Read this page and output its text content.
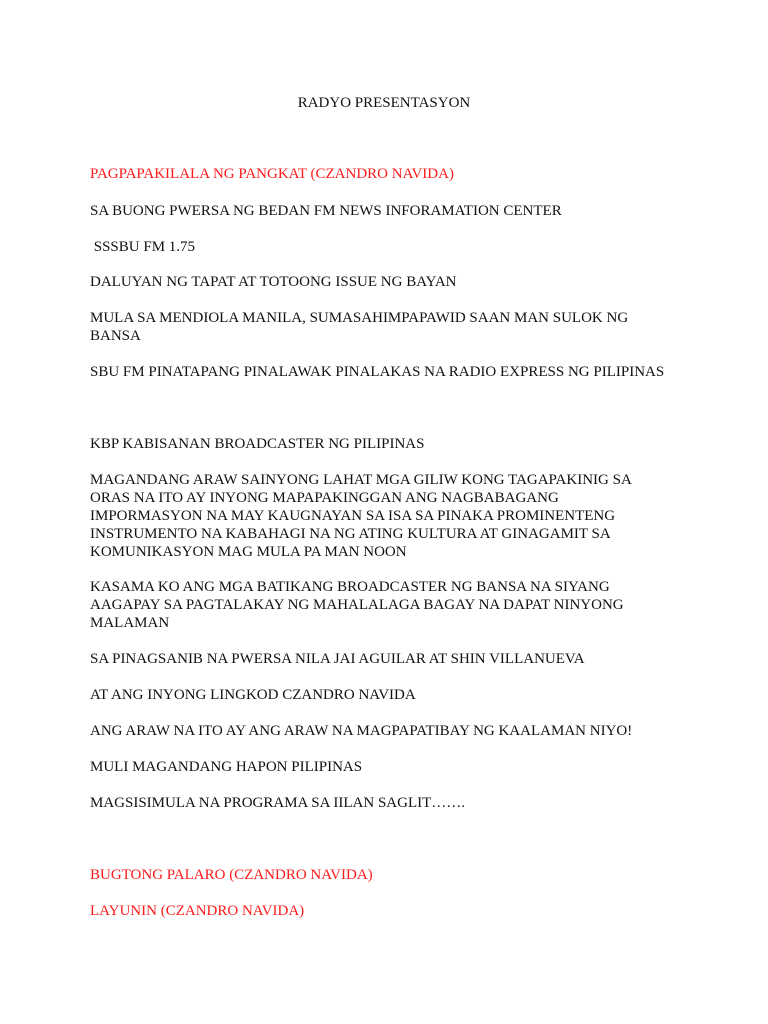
RADYO PRESENTASYON
PAGPAPAKILALA NG PANGKAT (CZANDRO NAVIDA)
SA BUONG PWERSA NG BEDAN FM NEWS INFORAMATION CENTER
SSSBU FM 1.75
DALUYAN NG TAPAT AT TOTOONG ISSUE NG BAYAN
MULA SA MENDIOLA MANILA, SUMASAHIMPAPAWID SAAN MAN SULOK NG BANSA
SBU FM PINATAPANG PINALAWAK PINALAKAS NA RADIO EXPRESS NG PILIPINAS
KBP KABISANAN BROADCASTER NG PILIPINAS
MAGANDANG ARAW SAINYONG LAHAT MGA GILIW KONG TAGAPAKINIG SA ORAS NA ITO AY INYONG MAPAPAKINGGAN ANG NAGBABAGANG IMPORMASYON NA MAY KAUGNAYAN SA ISA SA PINAKA PROMINENTENG INSTRUMENTO NA KABAHAGI NA NG ATING KULTURA AT GINAGAMIT SA KOMUNIKASYON MAG MULA PA MAN NOON
KASAMA KO ANG MGA BATIKANG BROADCASTER NG BANSA NA SIYANG AAGAPAY SA PAGTALAKAY NG MAHALALAGA BAGAY NA DAPAT NINYONG MALAMAN
SA PINAGSANIB NA PWERSA NILA JAI AGUILAR AT SHIN VILLANUEVA
AT ANG INYONG LINGKOD CZANDRO NAVIDA
ANG ARAW NA ITO AY ANG ARAW NA MAGPAPATIBAY NG KAALAMAN NIYO!
MULI MAGANDANG HAPON PILIPINAS
MAGSISIMULA NA PROGRAMA SA IILAN SAGLIT…….
BUGTONG PALARO (CZANDRO NAVIDA)
LAYUNIN (CZANDRO NAVIDA)
